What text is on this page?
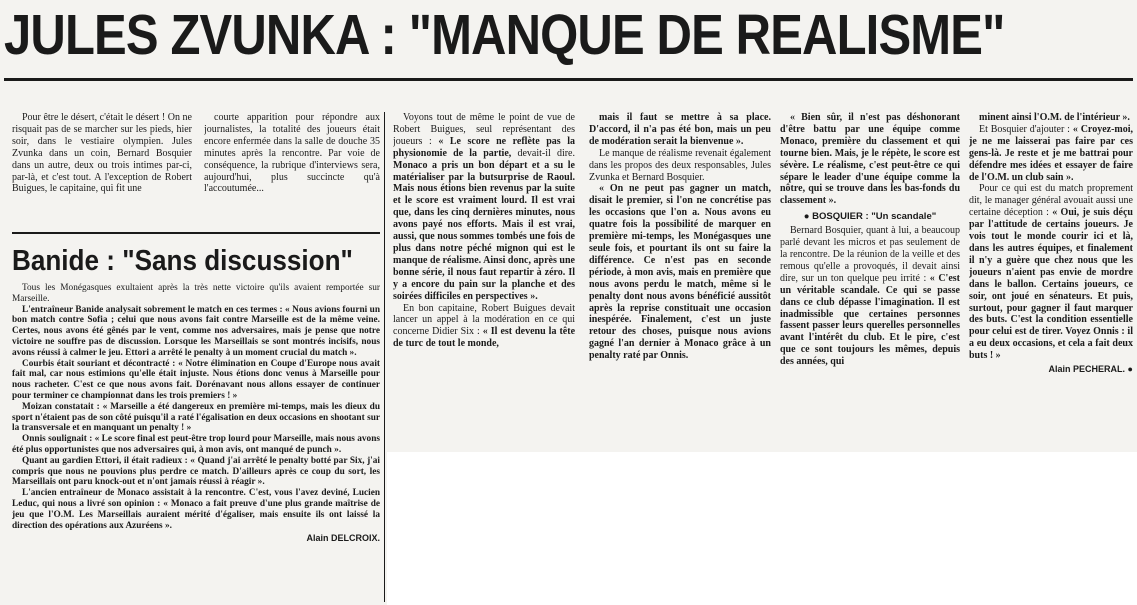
JULES ZVUNKA : "MANQUE DE REALISME"

Pour être le désert, c'était le désert ! On ne risquait pas de se marcher sur les pieds, hier soir, dans le vestiaire olympien. Jules Zvunka dans un coin, Bernard Bosquier dans un autre, deux ou trois intimes par-ci, par-là, et c'est tout. A l'exception de Robert Buigues, le capitaine, qui fit une

courte apparition pour répondre aux journalistes, la totalité des joueurs était encore enfermée dans la salle de douche 35 minutes après la rencontre. Par voie de conséquence, la rubrique d'interviews sera, aujourd'hui, plus succincte qu'à l'accoutumée...

Banide : "Sans discussion"

Tous les Monégasques exultaient après la très nette victoire qu'ils avaient remportée sur Marseille.

L'entraîneur Banide analysait sobrement le match en ces termes : « Nous avions fourni un bon match contre Sofia ; celui que nous avons fait contre Marseille est de la même veine. Certes, nous avons été gênés par le vent, comme nos adversaires, mais je pense que notre victoire ne souffre pas de discussion. Lorsque les Marseillais se sont montrés incisifs, nous avons réussi à calmer le jeu. Ettori a arrêté le penalty à un moment crucial du match ».

Courbis était souriant et décontracté : « Notre élimination en Coupe d'Europe nous avait fait mal, car nous estimions qu'elle était injuste. Nous étions donc venus à Marseille pour nous racheter. C'est ce que nous avons fait. Dorénavant nous allons essayer de continuer pour terminer ce championnat dans les trois premiers ! »

Moizan constatait : « Marseille a été dangereux en première mi-temps, mais les dieux du sport n'étaient pas de son côté puisqu'il a raté l'égalisation en deux occasions en shootant sur la transversale et en manquant un penalty ! »

Onnis soulignait : « Le score final est peut-être trop lourd pour Marseille, mais nous avons été plus opportunistes que nos adversaires qui, à mon avis, ont manqué de punch ».

Quant au gardien Ettori, il était radieux : « Quand j'ai arrêté le penalty botté par Six, j'ai compris que nous ne pouvions plus perdre ce match. D'ailleurs après ce coup du sort, les Marseillais ont paru knock-out et n'ont jamais réussi à réagir ».

L'ancien entraîneur de Monaco assistait à la rencontre. C'est, vous l'avez deviné, Lucien Leduc, qui nous a livré son opinion : « Monaco a fait preuve d'une plus grande maîtrise de jeu que l'O.M. Les Marseillais auraient mérité d'égaliser, mais ensuite ils ont laissé la direction des opérations aux Azuréens ».

Alain DELCROIX.

Voyons tout de même le point de vue de Robert Buigues, seul représentant des joueurs : « Le score ne reflète pas la physionomie de la partie, devait-il dire. Monaco a pris un bon départ et a su le matérialiser par la butsurprise de Raoul. Mais nous étions bien revenus par la suite et le score est vraiment lourd. Il est vrai que, dans les cinq dernières minutes, nous avons payé nos efforts. Mais il est vrai, aussi, que nous sommes tombés une fois de plus dans notre péché mignon qui est le manque de réalisme. Ainsi donc, après une bonne série, il nous faut repartir à zéro. Il y a encore du pain sur la planche et des soirées difficiles en perspectives ».

En bon capitaine, Robert Buigues devait lancer un appel à la modération en ce qui concerne Didier Six : « Il est devenu la tête de turc de tout le monde,

mais il faut se mettre à sa place. D'accord, il n'a pas été bon, mais un peu de modération serait la bienvenue ».

Le manque de réalisme revenait également dans les propos des deux responsables, Jules Zvunka et Bernard Bosquier.

« On ne peut pas gagner un match, disait le premier, si l'on ne concrétise pas les occasions que l'on a. Nous avons eu quatre fois la possibilité de marquer en première mi-temps, les Monégasques une seule fois, et pourtant ils ont su faire la différence. Ce n'est pas en seconde période, à mon avis, mais en première que nous avons perdu le match, même si le penalty dont nous avons bénéficié aussitôt après la reprise constituait une occasion inespérée. Finalement, c'est un juste retour des choses, puisque nous avions gagné l'an dernier à Monaco grâce à un penalty raté par Onnis.

« Bien sûr, il n'est pas déshonorant d'être battu par une équipe comme Monaco, première du classement et qui tourne bien. Mais, je le répète, le score est sévère. Le réalisme, c'est peut-être ce qui sépare le leader d'une équipe comme la nôtre, qui se trouve dans les bas-fonds du classement ».

● BOSQUIER : "Un scandale"

Bernard Bosquier, quant à lui, a beaucoup parlé devant les micros et pas seulement de la rencontre. De la réunion de la veille et des remous qu'elle a provoqués, il devait ainsi dire, sur un ton quelque peu irrité : « C'est un véritable scandale. Ce qui se passe dans ce club dépasse l'imagination. Il est inadmissible que certaines personnes fassent passer leurs querelles personnelles avant l'intérêt du club. Et le pire, c'est que ce sont toujours les mêmes, depuis des années, qui

minent ainsi l'O.M. de l'intérieur ».

Et Bosquier d'ajouter : « Croyez-moi, je ne me laisserai pas faire par ces gens-là. Je reste et je me battrai pour défendre mes idées et essayer de faire de l'O.M. un club sain ».

Pour ce qui est du match proprement dit, le manager général avouait aussi une certaine déception : « Oui, je suis déçu par l'attitude de certains joueurs. Je vois tout le monde courir ici et là, dans les autres équipes, et finalement il n'y a guère que chez nous que les joueurs n'aient pas envie de mordre dans le ballon. Certains joueurs, ce soir, ont joué en sénateurs. Et puis, surtout, pour gagner il faut marquer des buts. C'est la condition essentielle pour celui est de tirer. Voyez Onnis : il a eu deux occasions, et cela a fait deux buts ! »

Alain PECHERAL. ●
